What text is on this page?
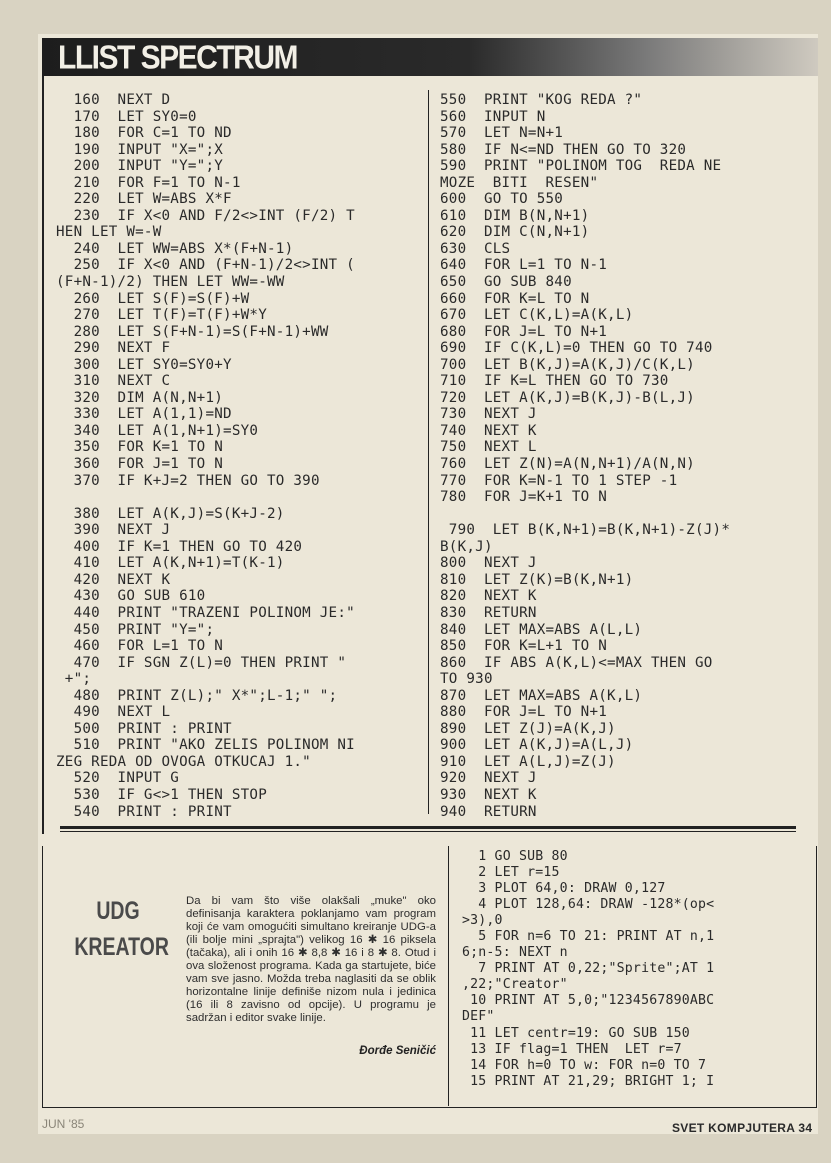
LLIST SPECTRUM
160  NEXT D
170  LET SY0=0
180  FOR C=1 TO ND
190  INPUT "X=";X
200  INPUT "Y=";Y
210  FOR F=1 TO N-1
220  LET W=ABS X*F
230  IF X<0 AND F/2<>INT (F/2) T
HEN LET W=-W
240  LET WW=ABS X*(F+N-1)
250  IF X<0 AND (F+N-1)/2<>INT (
(F+N-1)/2) THEN LET WW=-WW
260  LET S(F)=S(F)+W
270  LET T(F)=T(F)+W*Y
280  LET S(F+N-1)=S(F+N-1)+WW
290  NEXT F
300  LET SY0=SY0+Y
310  NEXT C
320  DIM A(N,N+1)
330  LET A(1,1)=ND
340  LET A(1,N+1)=SY0
350  FOR K=1 TO N
360  FOR J=1 TO N
370  IF K+J=2 THEN GO TO 390

380  LET A(K,J)=S(K+J-2)
390  NEXT J
400  IF K=1 THEN GO TO 420
410  LET A(K,N+1)=T(K-1)
420  NEXT K
430  GO SUB 610
440  PRINT "TRAZENI POLINOM JE:"
450  PRINT "Y=";
460  FOR L=1 TO N
470  IF SGN Z(L)=0 THEN PRINT "
+";
480  PRINT Z(L);" X*";L-1;" ";
490  NEXT L
500  PRINT : PRINT
510  PRINT "AKO ZELIS POLINOM NI
ZEG REDA OD OVOGA OTKUCAJ 1."
520  INPUT G
530  IF G<>1 THEN STOP
540  PRINT : PRINT
550  PRINT "KOG REDA ?"
560  INPUT N
570  LET N=N+1
580  IF N<=ND THEN GO TO 320
590  PRINT "POLINOM TOG  REDA NE
MOZE  BITI  RESEN"
600  GO TO 550
610  DIM B(N,N+1)
620  DIM C(N,N+1)
630  CLS
640  FOR L=1 TO N-1
650  GO SUB 840
660  FOR K=L TO N
670  LET C(K,L)=A(K,L)
680  FOR J=L TO N+1
690  IF C(K,L)=0 THEN GO TO 740
700  LET B(K,J)=A(K,J)/C(K,L)
710  IF K=L THEN GO TO 730
720  LET A(K,J)=B(K,J)-B(L,J)
730  NEXT J
740  NEXT K
750  NEXT L
760  LET Z(N)=A(N,N+1)/A(N,N)
770  FOR K=N-1 TO 1 STEP -1
780  FOR J=K+1 TO N

790  LET B(K,N+1)=B(K,N+1)-Z(J)*
B(K,J)
800  NEXT J
810  LET Z(K)=B(K,N+1)
820  NEXT K
830  RETURN
840  LET MAX=ABS A(L,L)
850  FOR K=L+1 TO N
860  IF ABS A(K,L)<=MAX THEN GO
TO 930
870  LET MAX=ABS A(K,L)
880  FOR J=L TO N+1
890  LET Z(J)=A(K,J)
900  LET A(K,J)=A(L,J)
910  LET A(L,J)=Z(J)
920  NEXT J
930  NEXT K
940  RETURN
UDG
KREATOR
Da bi vam što više olakšali „muke" oko definisanja karaktera poklanjamo vam program koji će vam omogućiti simultano kreiranje UDG-a (ili bolje mini „sprajta") velikog 16 ✱ 16 piksela (tačaka), ali i onih 16 ✱ 8,8 ✱ 16 i 8 ✱ 8. Otud i ova složenost programa. Kada ga startujete, biće vam sve jasno. Možda treba naglasiti da se oblik horizontalne linije definiše nizom nula i jedinica (16 ili 8 zavisno od opcije). U programu je sadržan i editor svake linije.
Đorđe Seničić
1 GO SUB 80
2 LET r=15
3 PLOT 64,0: DRAW 0,127
4 PLOT 128,64: DRAW -128*(op<
>3),0
5 FOR n=6 TO 21: PRINT AT n,1
6;n-5: NEXT n
7 PRINT AT 0,22;"Sprite";AT 1
,22;"Creator"
10 PRINT AT 5,0;"1234567890ABC
DEF"
11 LET centr=19: GO SUB 150
13 IF flag=1 THEN  LET r=7
14 FOR h=0 TO w: FOR n=0 TO 7
15 PRINT AT 21,29; BRIGHT 1; I
JUN '85	SVET KOMPJUTERA 34
